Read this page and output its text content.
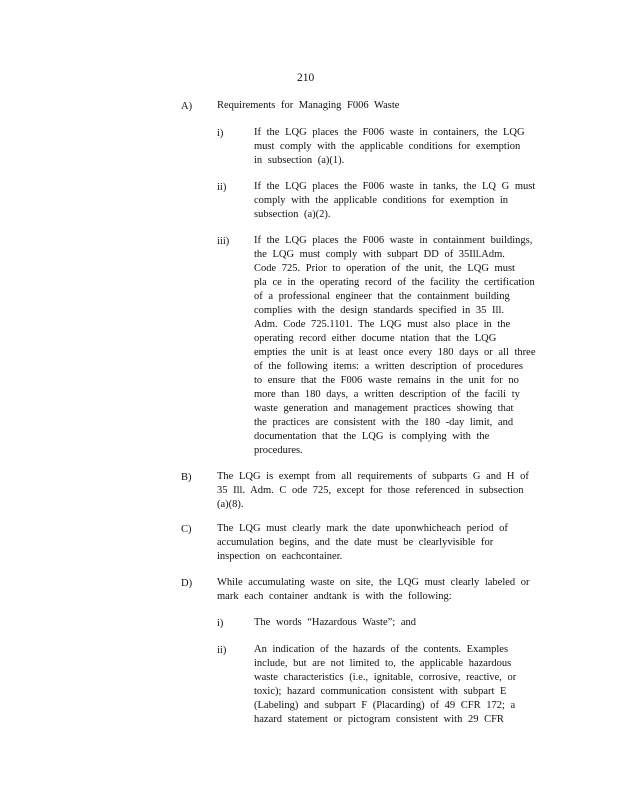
210
A) Requirements for Managing F006 Waste
i)	If the LQG places the F006 waste in containers, the LQG
must comply with the applicable conditions for exemption
in subsection (a)(1).
ii)	If the LQG places the F006 waste in tanks, the LQ G must
comply with the applicable conditions for exemption in
subsection (a)(2).
iii) If the LQG places the F006 waste in containment buildings,
the LQG must comply with subpart DD of 35Ill.Adm.
Code 725. Prior to operation of the unit, the LQG must
pla ce in the operating record of the facility the certification
of a professional engineer that the containment building
complies with the design standards specified in 35 Ill.
Adm. Code 725.1101. The LQG must also place in the
operating record either docume ntation that the LQG
empties the unit is at least once every 180 days or all three
of the following items: a written description of procedures
to ensure that the F006 waste remains in the unit for no
more than 180 days, a written description of the facili ty
waste generation and management practices showing that
the practices are consistent with the 180 -day limit, and
documentation that the LQG is complying with the
procedures.
B) The LQG is exempt from all requirements of subparts G and H of
35 Ill. Adm. C ode 725, except for those referenced in subsection
(a)(8).
C) The LQG must clearly mark the date uponwhicheach period of
accumulation begins, and the date must be clearlyvisible for
inspection on eachcontainer.
D) While accumulating waste on site, the LQG must clearly labeled or
mark each container andtank is with the following:
i)	The words “Hazardous Waste”; and
ii)	An indication of the hazards of the contents. Examples
include, but are not limited to, the applicable hazardous
waste characteristics (i.e., ignitable, corrosive, reactive, or
toxic); hazard communication consistent with subpart E
(Labeling) and subpart F (Placarding) of 49 CFR 172; a
hazard statement or pictogram consistent with 29 CFR
